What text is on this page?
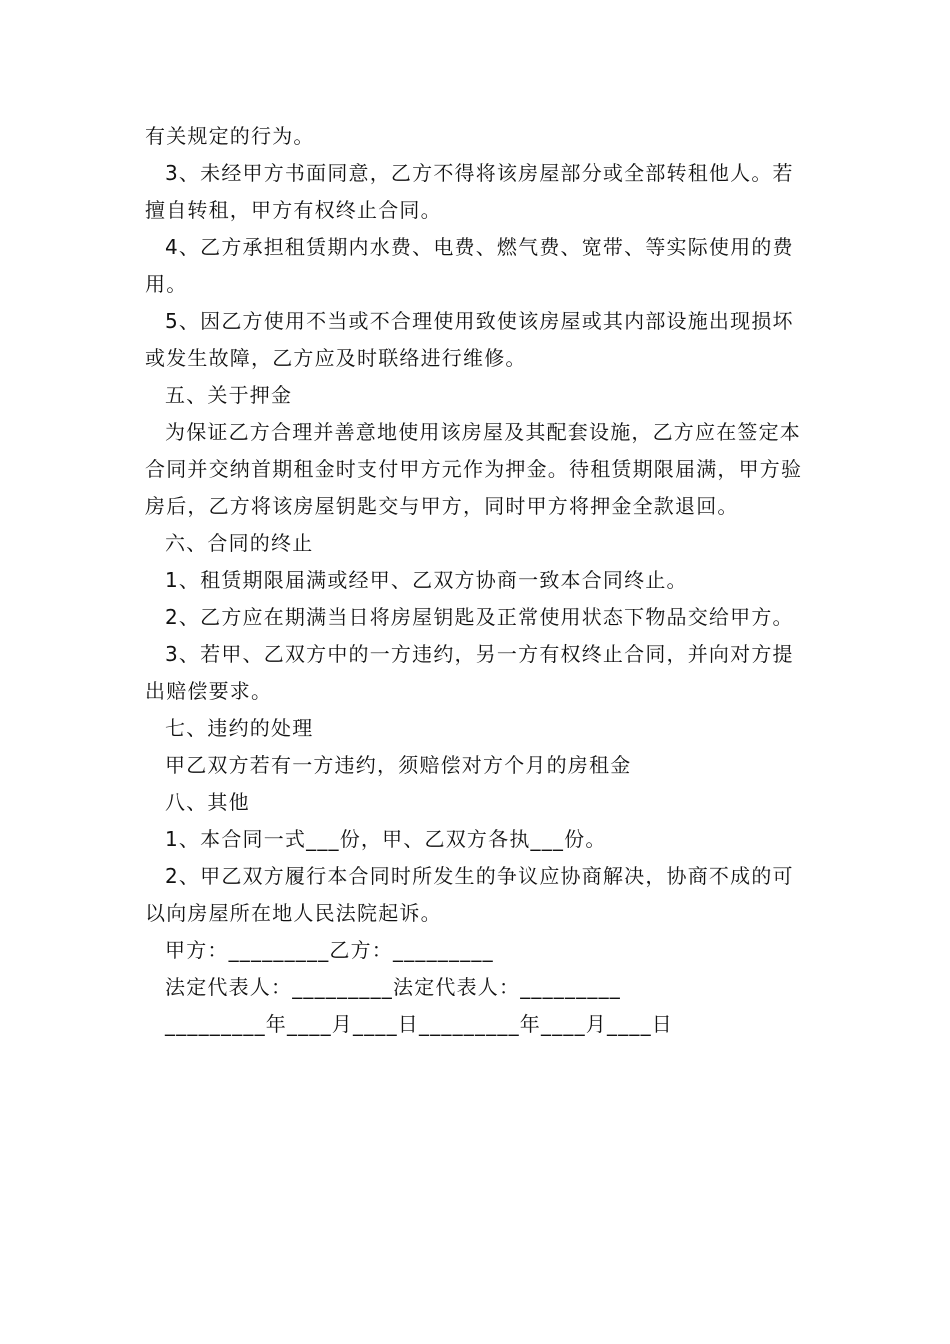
有关规定的行为。

3、未经甲方书面同意，乙方不得将该房屋部分或全部转租他人。若擅自转租，甲方有权终止合同。

4、乙方承担租赁期内水费、电费、燃气费、宽带、等实际使用的费用。

5、因乙方使用不当或不合理使用致使该房屋或其内部设施出现损坏或发生故障，乙方应及时联络进行维修。

五、关于押金

为保证乙方合理并善意地使用该房屋及其配套设施，乙方应在签定本合同并交纳首期租金时支付甲方元作为押金。待租赁期限届满，甲方验房后，乙方将该房屋钥匙交与甲方，同时甲方将押金全款退回。

六、合同的终止

1、租赁期限届满或经甲、乙双方协商一致本合同终止。

2、乙方应在期满当日将房屋钥匙及正常使用状态下物品交给甲方。

3、若甲、乙双方中的一方违约，另一方有权终止合同，并向对方提出赔偿要求。

七、违约的处理

甲乙双方若有一方违约，须赔偿对方个月的房租金

八、其他

1、本合同一式___份，甲、乙双方各执___份。

2、甲乙双方履行本合同时所发生的争议应协商解决，协商不成的可以向房屋所在地人民法院起诉。

甲方：_________乙方：_________

法定代表人：_________法定代表人：_________

_________年____月____日_________年____月____日
